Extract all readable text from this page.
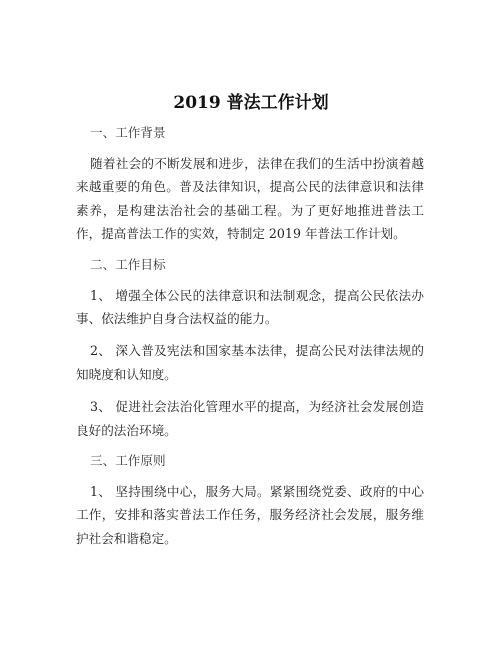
2019 普法工作计划

一、工作背景

随着社会的不断发展和进步，法律在我们的生活中扮演着越来越重要的角色。普及法律知识，提高公民的法律意识和法律素养，是构建法治社会的基础工程。为了更好地推进普法工作，提高普法工作的实效，特制定 2019 年普法工作计划。

二、工作目标

1、 增强全体公民的法律意识和法制观念，提高公民依法办事、依法维护自身合法权益的能力。

2、 深入普及宪法和国家基本法律，提高公民对法律法规的知晓度和认知度。

3、 促进社会法治化管理水平的提高，为经济社会发展创造良好的法治环境。

三、工作原则

1、 坚持围绕中心，服务大局。紧紧围绕党委、政府的中心工作，安排和落实普法工作任务，服务经济社会发展，服务维护社会和谐稳定。
